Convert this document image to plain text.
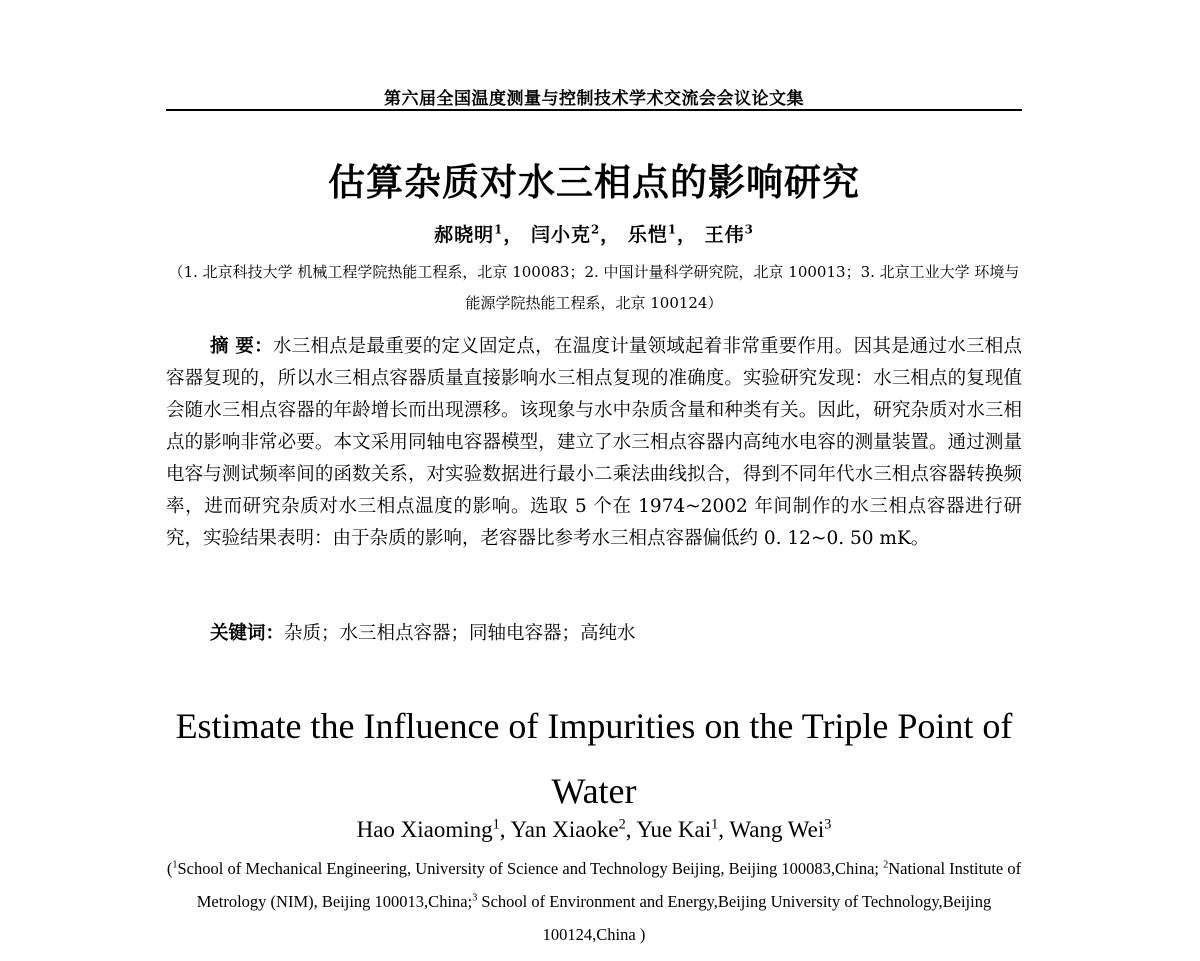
第六届全国温度测量与控制技术学术交流会会议论文集
估算杂质对水三相点的影响研究
郝晓明$^1$， 闫小克$^2$， 乐恺$^1$， 王伟$^3$
（1. 北京科技大学 机械工程学院热能工程系，北京 100083；2. 中国计量科学研究院，北京 100013；3. 北京工业大学 环境与能源学院热能工程系，北京 100124）
摘 要：水三相点是最重要的定义固定点，在温度计量领域起着非常重要作用。因其是通过水三相点容器复现的，所以水三相点容器质量直接影响水三相点复现的准确度。实验研究发现：水三相点的复现值会随水三相点容器的年龄增长而出现漂移。该现象与水中杂质含量和种类有关。因此，研究杂质对水三相点的影响非常必要。本文采用同轴电容器模型，建立了水三相点容器内高纯水电容的测量装置。通过测量电容与测试频率间的函数关系，对实验数据进行最小二乘法曲线拟合，得到不同年代水三相点容器转换频率，进而研究杂质对水三相点温度的影响。选取 5 个在 1974~2002 年间制作的水三相点容器进行研究，实验结果表明：由于杂质的影响，老容器比参考水三相点容器偏低约 0. 12~0. 50 mK。
关键词：杂质；水三相点容器；同轴电容器；高纯水
Estimate the Influence of Impurities on the Triple Point of Water
Hao Xiaoming$^1$, Yan Xiaoke$^2$, Yue Kai$^1$, Wang Wei$^3$
($^1$School of Mechanical Engineering, University of Science and Technology Beijing, Beijing 100083,China; $^2$National Institute of Metrology (NIM), Beijing 100013,China;$^3$ School of Environment and Energy,Beijing University of Technology,Beijing 100124,China )
